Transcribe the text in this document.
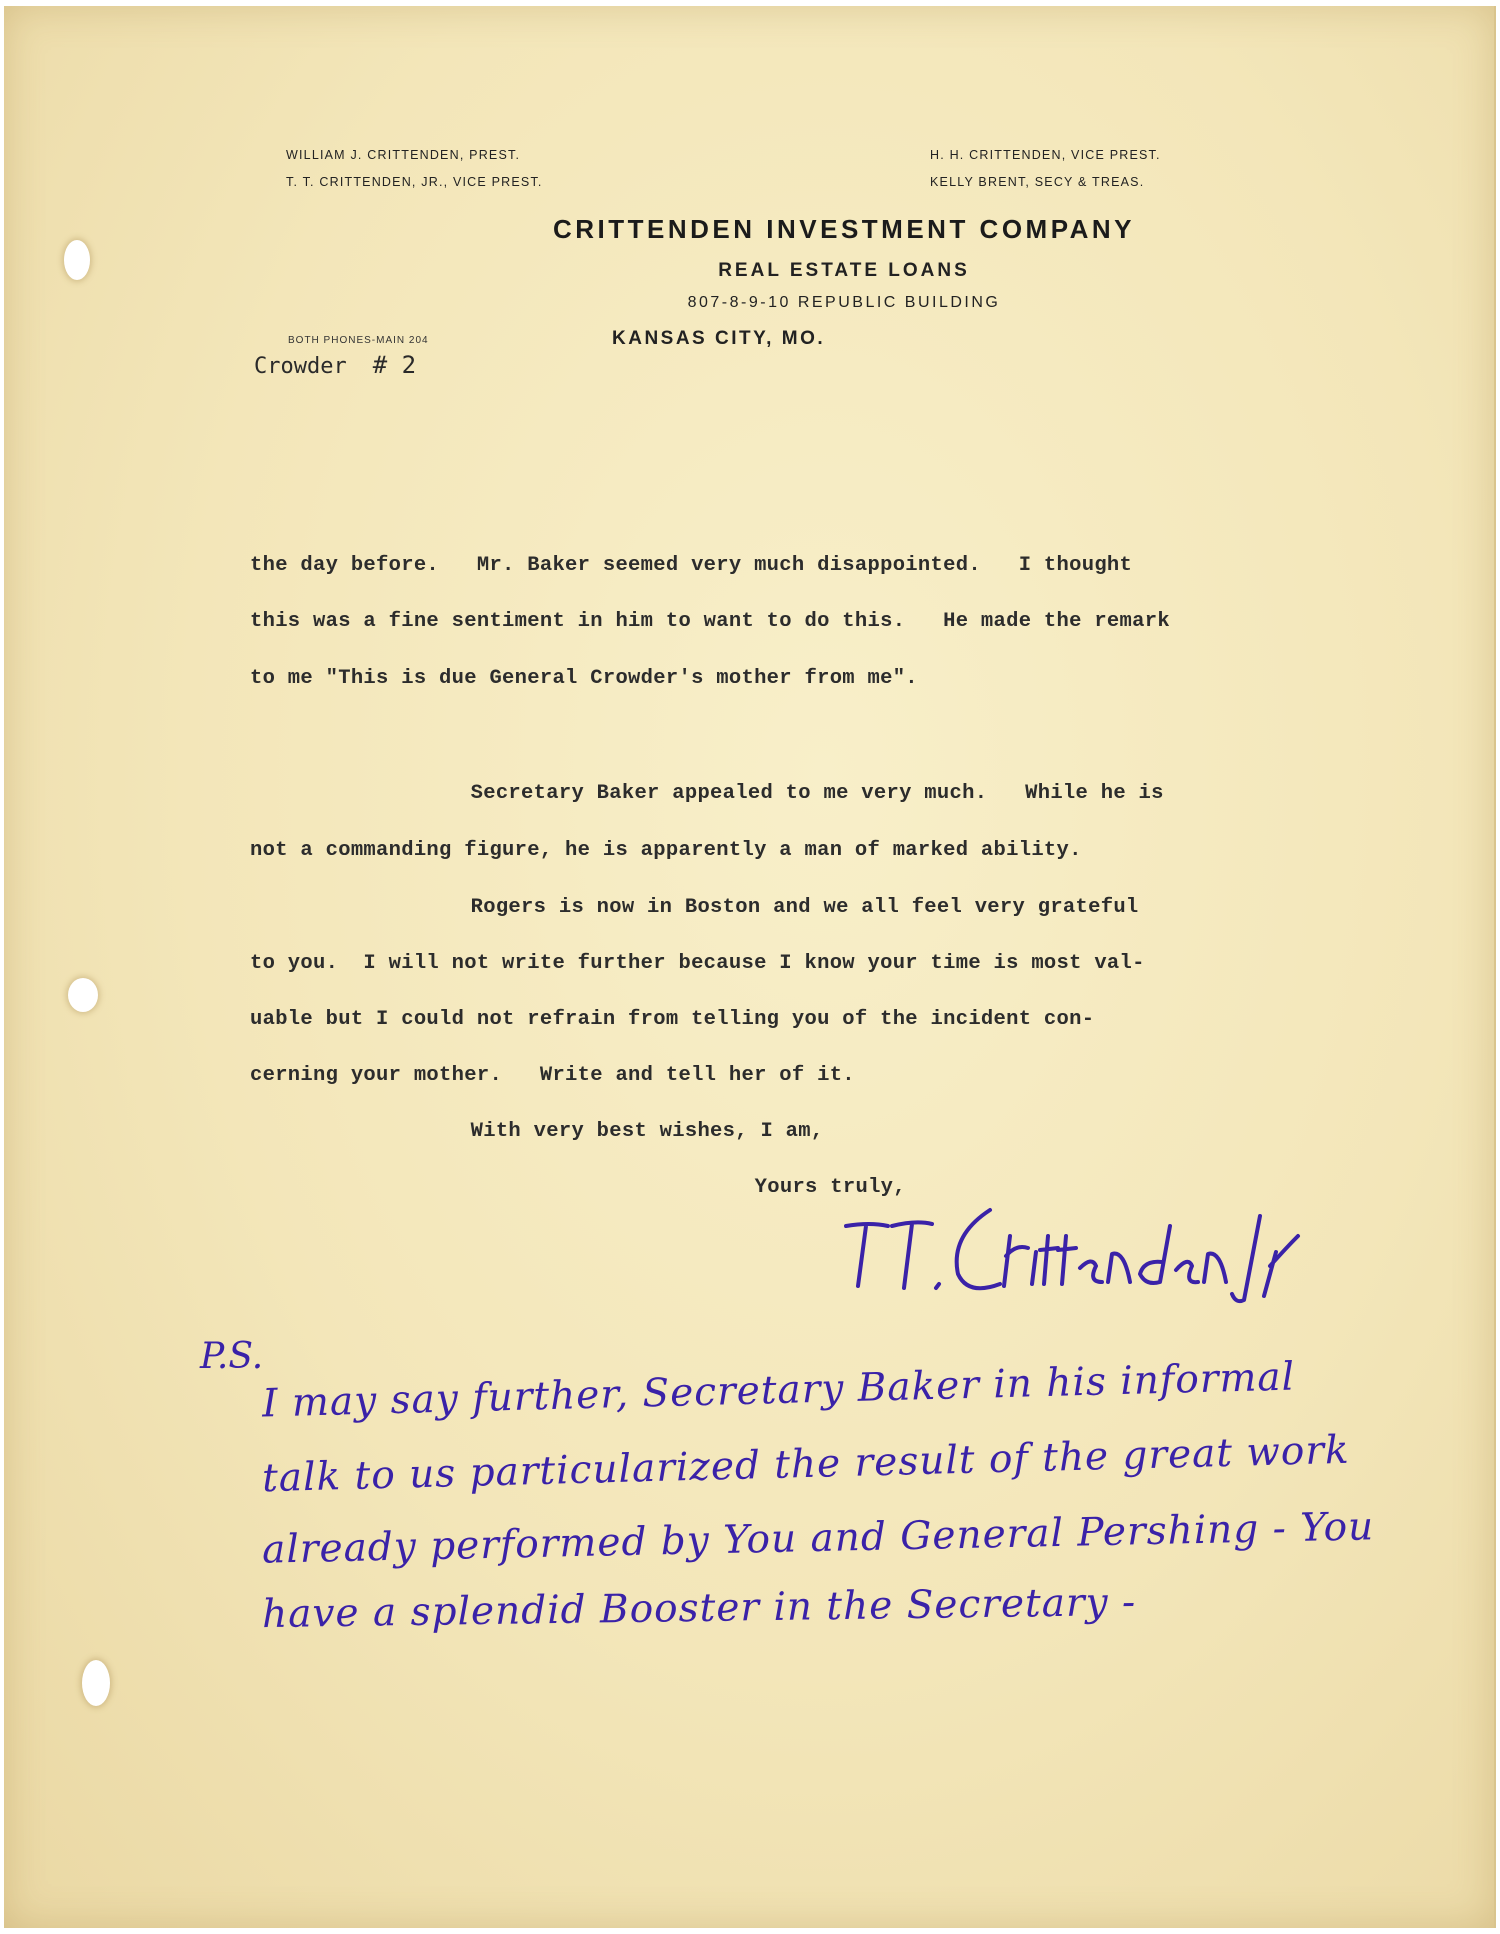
WILLIAM J. CRITTENDEN, PREST.
T. T. CRITTENDEN, JR., VICE PREST.
H. H. CRITTENDEN, VICE PREST.
KELLY BRENT, SECY & TREAS.
CRITTENDEN INVESTMENT COMPANY
REAL ESTATE LOANS
807-8-9-10 REPUBLIC BUILDING
BOTH PHONES-MAIN 204	KANSAS CITY, MO.
Crowder # 2
the day before.   Mr. Baker seemed very much disappointed.   I thought
this was a fine sentiment in him to want to do this.   He made the remark
to me "This is due General Crowder's mother from me".
Secretary Baker appealed to me very much.   While he is
not a commanding figure, he is apparently a man of marked ability.
Rogers is now in Boston and we all feel very grateful
to you.  I will not write further because I know your time is most val-
uable but I could not refrain from telling you of the incident con-
cerning your mother.   Write and tell her of it.
With very best wishes, I am,
Yours truly,
P.S.
I may say further, Secretary Baker in his informal
talk to us particularized the result of the great work
already performed by You and General Pershing - You
have a splendid Booster in the Secretary -
